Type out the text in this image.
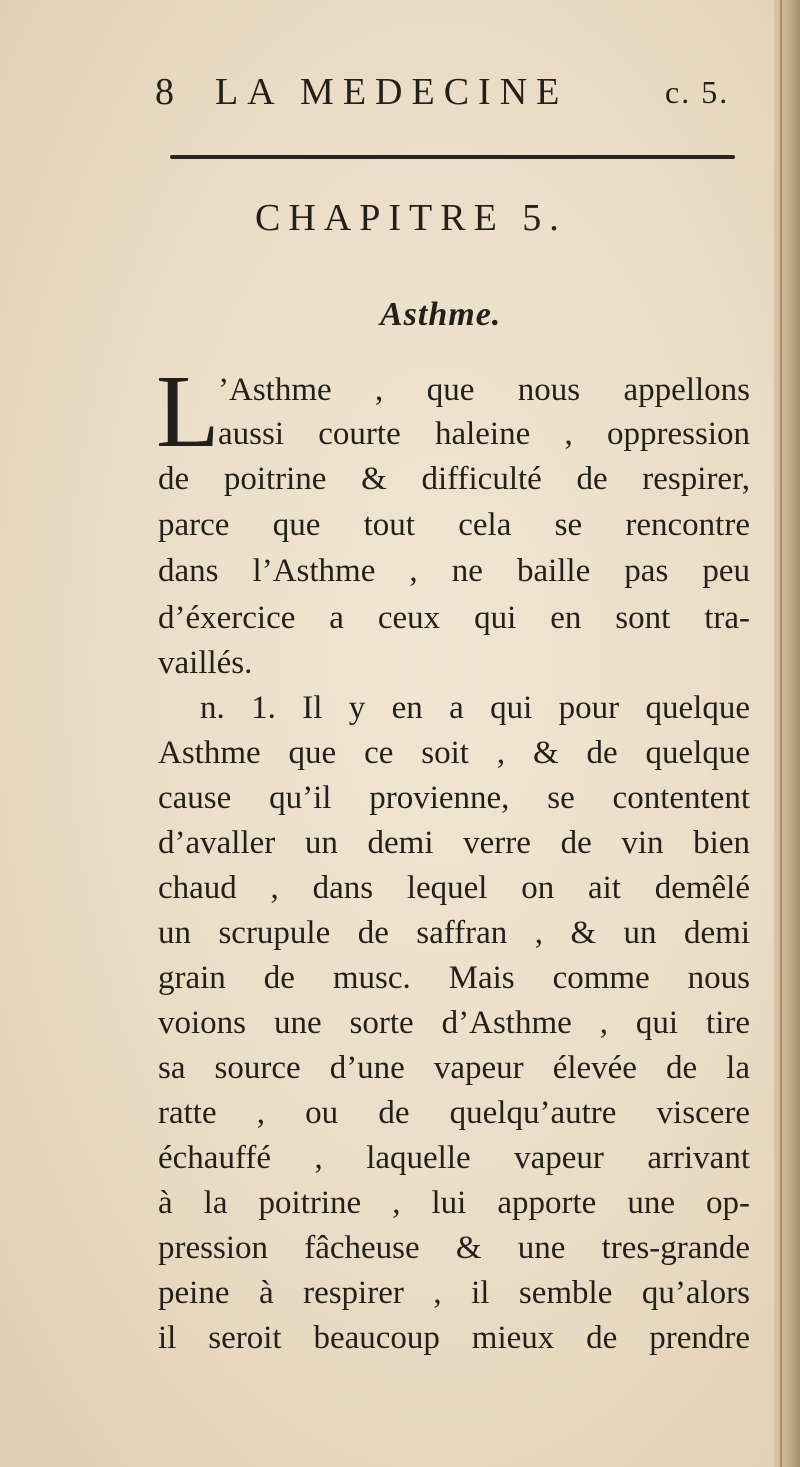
8 LA MEDECINE	c. 5.
CHAPITRE 5.
Asthme.
L
’Asthme , que nous appellons
aussi courte haleine , oppression
de poitrine & difficulté de respirer,
parce que tout cela se rencontre
dans l’Asthme , ne baille pas peu
d’éxercice a ceux qui en sont tra-
vaillés.
n. 1. Il y en a qui pour quelque
Asthme que ce soit , & de quelque
cause qu’il provienne, se contentent
d’avaller un demi verre de vin bien
chaud , dans lequel on ait demêlé
un scrupule de saffran , & un demi
grain de musc. Mais comme nous
voions une sorte d’Asthme , qui tire
sa source d’une vapeur élevée de la
ratte , ou de quelqu’autre viscere
échauffé , laquelle vapeur arrivant
à la poitrine , lui apporte une op-
pression fâcheuse & une tres-grande
peine à respirer , il semble qu’alors
il seroit beaucoup mieux de prendre
